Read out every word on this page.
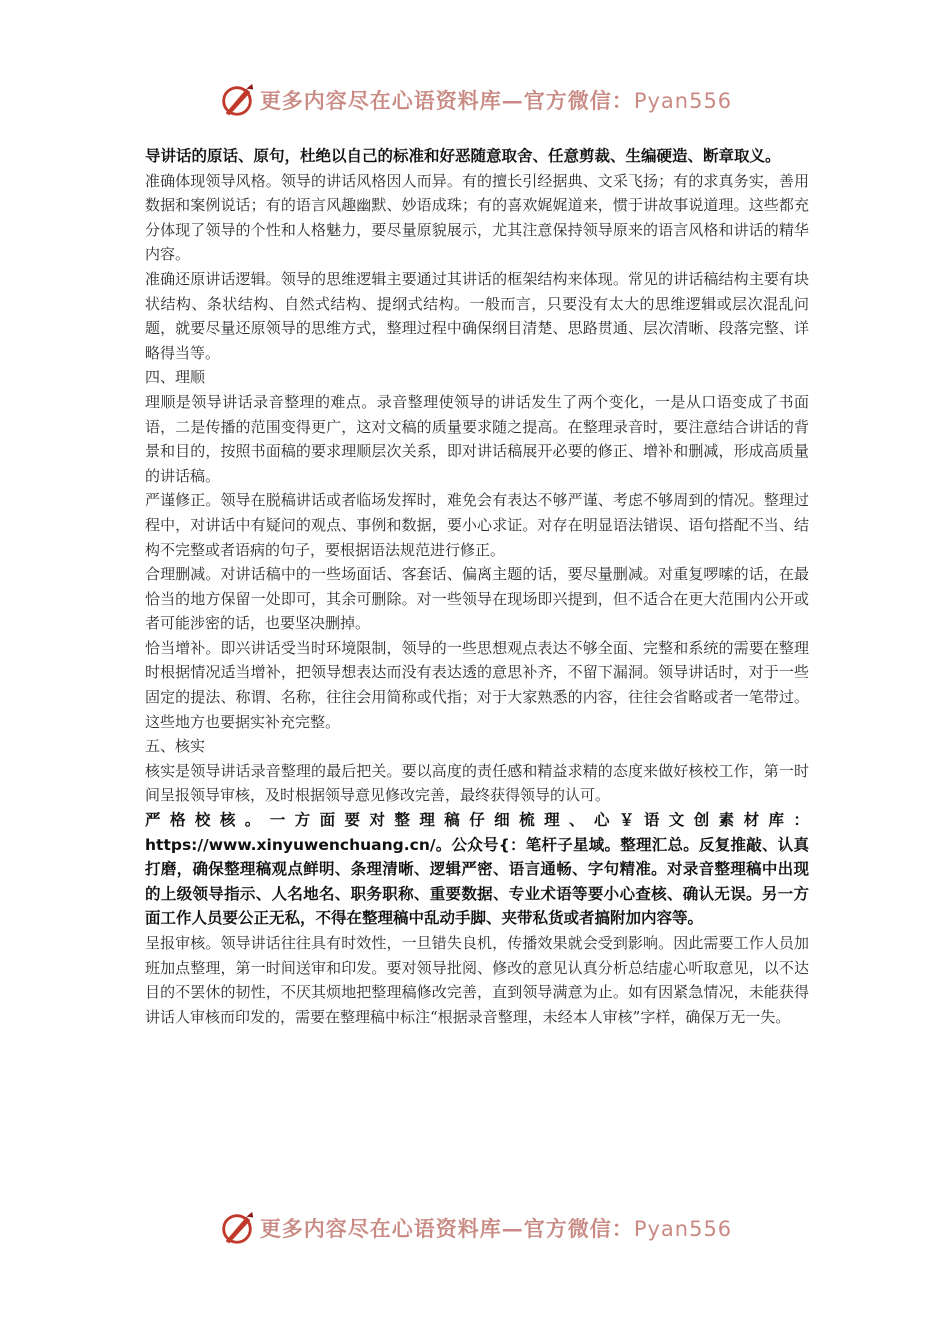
更多内容尽在心语资料库—官方微信：Pyan556

导讲话的原话、原句，杜绝以自己的标准和好恶随意取舍、任意剪裁、生编硬造、断章取义。

准确体现领导风格。领导的讲话风格因人而异。有的擅长引经据典、文采飞扬；有的求真务实，善用数据和案例说话；有的语言风趣幽默、妙语成珠；有的喜欢娓娓道来，惯于讲故事说道理。这些都充分体现了领导的个性和人格魅力，要尽量原貌展示，尤其注意保持领导原来的语言风格和讲话的精华内容。

准确还原讲话逻辑。领导的思维逻辑主要通过其讲话的框架结构来体现。常见的讲话稿结构主要有块状结构、条状结构、自然式结构、提纲式结构。一般而言，只要没有太大的思维逻辑或层次混乱问题，就要尽量还原领导的思维方式，整理过程中确保纲目清楚、思路贯通、层次清晰、段落完整、详略得当等。

四、理顺

理顺是领导讲话录音整理的难点。录音整理使领导的讲话发生了两个变化，一是从口语变成了书面语，二是传播的范围变得更广，这对文稿的质量要求随之提高。在整理录音时，要注意结合讲话的背景和目的，按照书面稿的要求理顺层次关系，即对讲话稿展开必要的修正、增补和删减，形成高质量的讲话稿。

严谨修正。领导在脱稿讲话或者临场发挥时，难免会有表达不够严谨、考虑不够周到的情况。整理过程中，对讲话中有疑问的观点、事例和数据，要小心求证。对存在明显语法错误、语句搭配不当、结构不完整或者语病的句子，要根据语法规范进行修正。

合理删减。对讲话稿中的一些场面话、客套话、偏离主题的话，要尽量删减。对重复啰嗦的话，在最恰当的地方保留一处即可，其余可删除。对一些领导在现场即兴提到，但不适合在更大范围内公开或者可能涉密的话，也要坚决删掉。

恰当增补。即兴讲话受当时环境限制，领导的一些思想观点表达不够全面、完整和系统的需要在整理时根据情况适当增补，把领导想表达而没有表达透的意思补齐，不留下漏洞。领导讲话时，对于一些固定的提法、称谓、名称，往往会用简称或代指；对于大家熟悉的内容，往往会省略或者一笔带过。这些地方也要据实补充完整。

五、核实

核实是领导讲话录音整理的最后把关。要以高度的责任感和精益求精的态度来做好核校工作，第一时间呈报领导审核，及时根据领导意见修改完善，最终获得领导的认可。

严格校核。一方面要对整理稿仔细梳理、心￥语文创素材库：https://www.xinyuwenchuang.cn/。公众号{：笔杆子星域。整理汇总。反复推敲、认真打磨，确保整理稿观点鲜明、条理清晰、逻辑严密、语言通畅、字句精准。对录音整理稿中出现的上级领导指示、人名地名、职务职称、重要数据、专业术语等要小心查核、确认无误。另一方面工作人员要公正无私，不得在整理稿中乱动手脚、夹带私货或者搞附加内容等。

呈报审核。领导讲话往往具有时效性，一旦错失良机，传播效果就会受到影响。因此需要工作人员加班加点整理，第一时间送审和印发。要对领导批阅、修改的意见认真分析总结虚心听取意见，以不达目的不罢休的韧性，不厌其烦地把整理稿修改完善，直到领导满意为止。如有因紧急情况，未能获得讲话人审核而印发的，需要在整理稿中标注“根据录音整理，未经本人审核”字样，确保万无一失。

更多内容尽在心语资料库—官方微信：Pyan556
